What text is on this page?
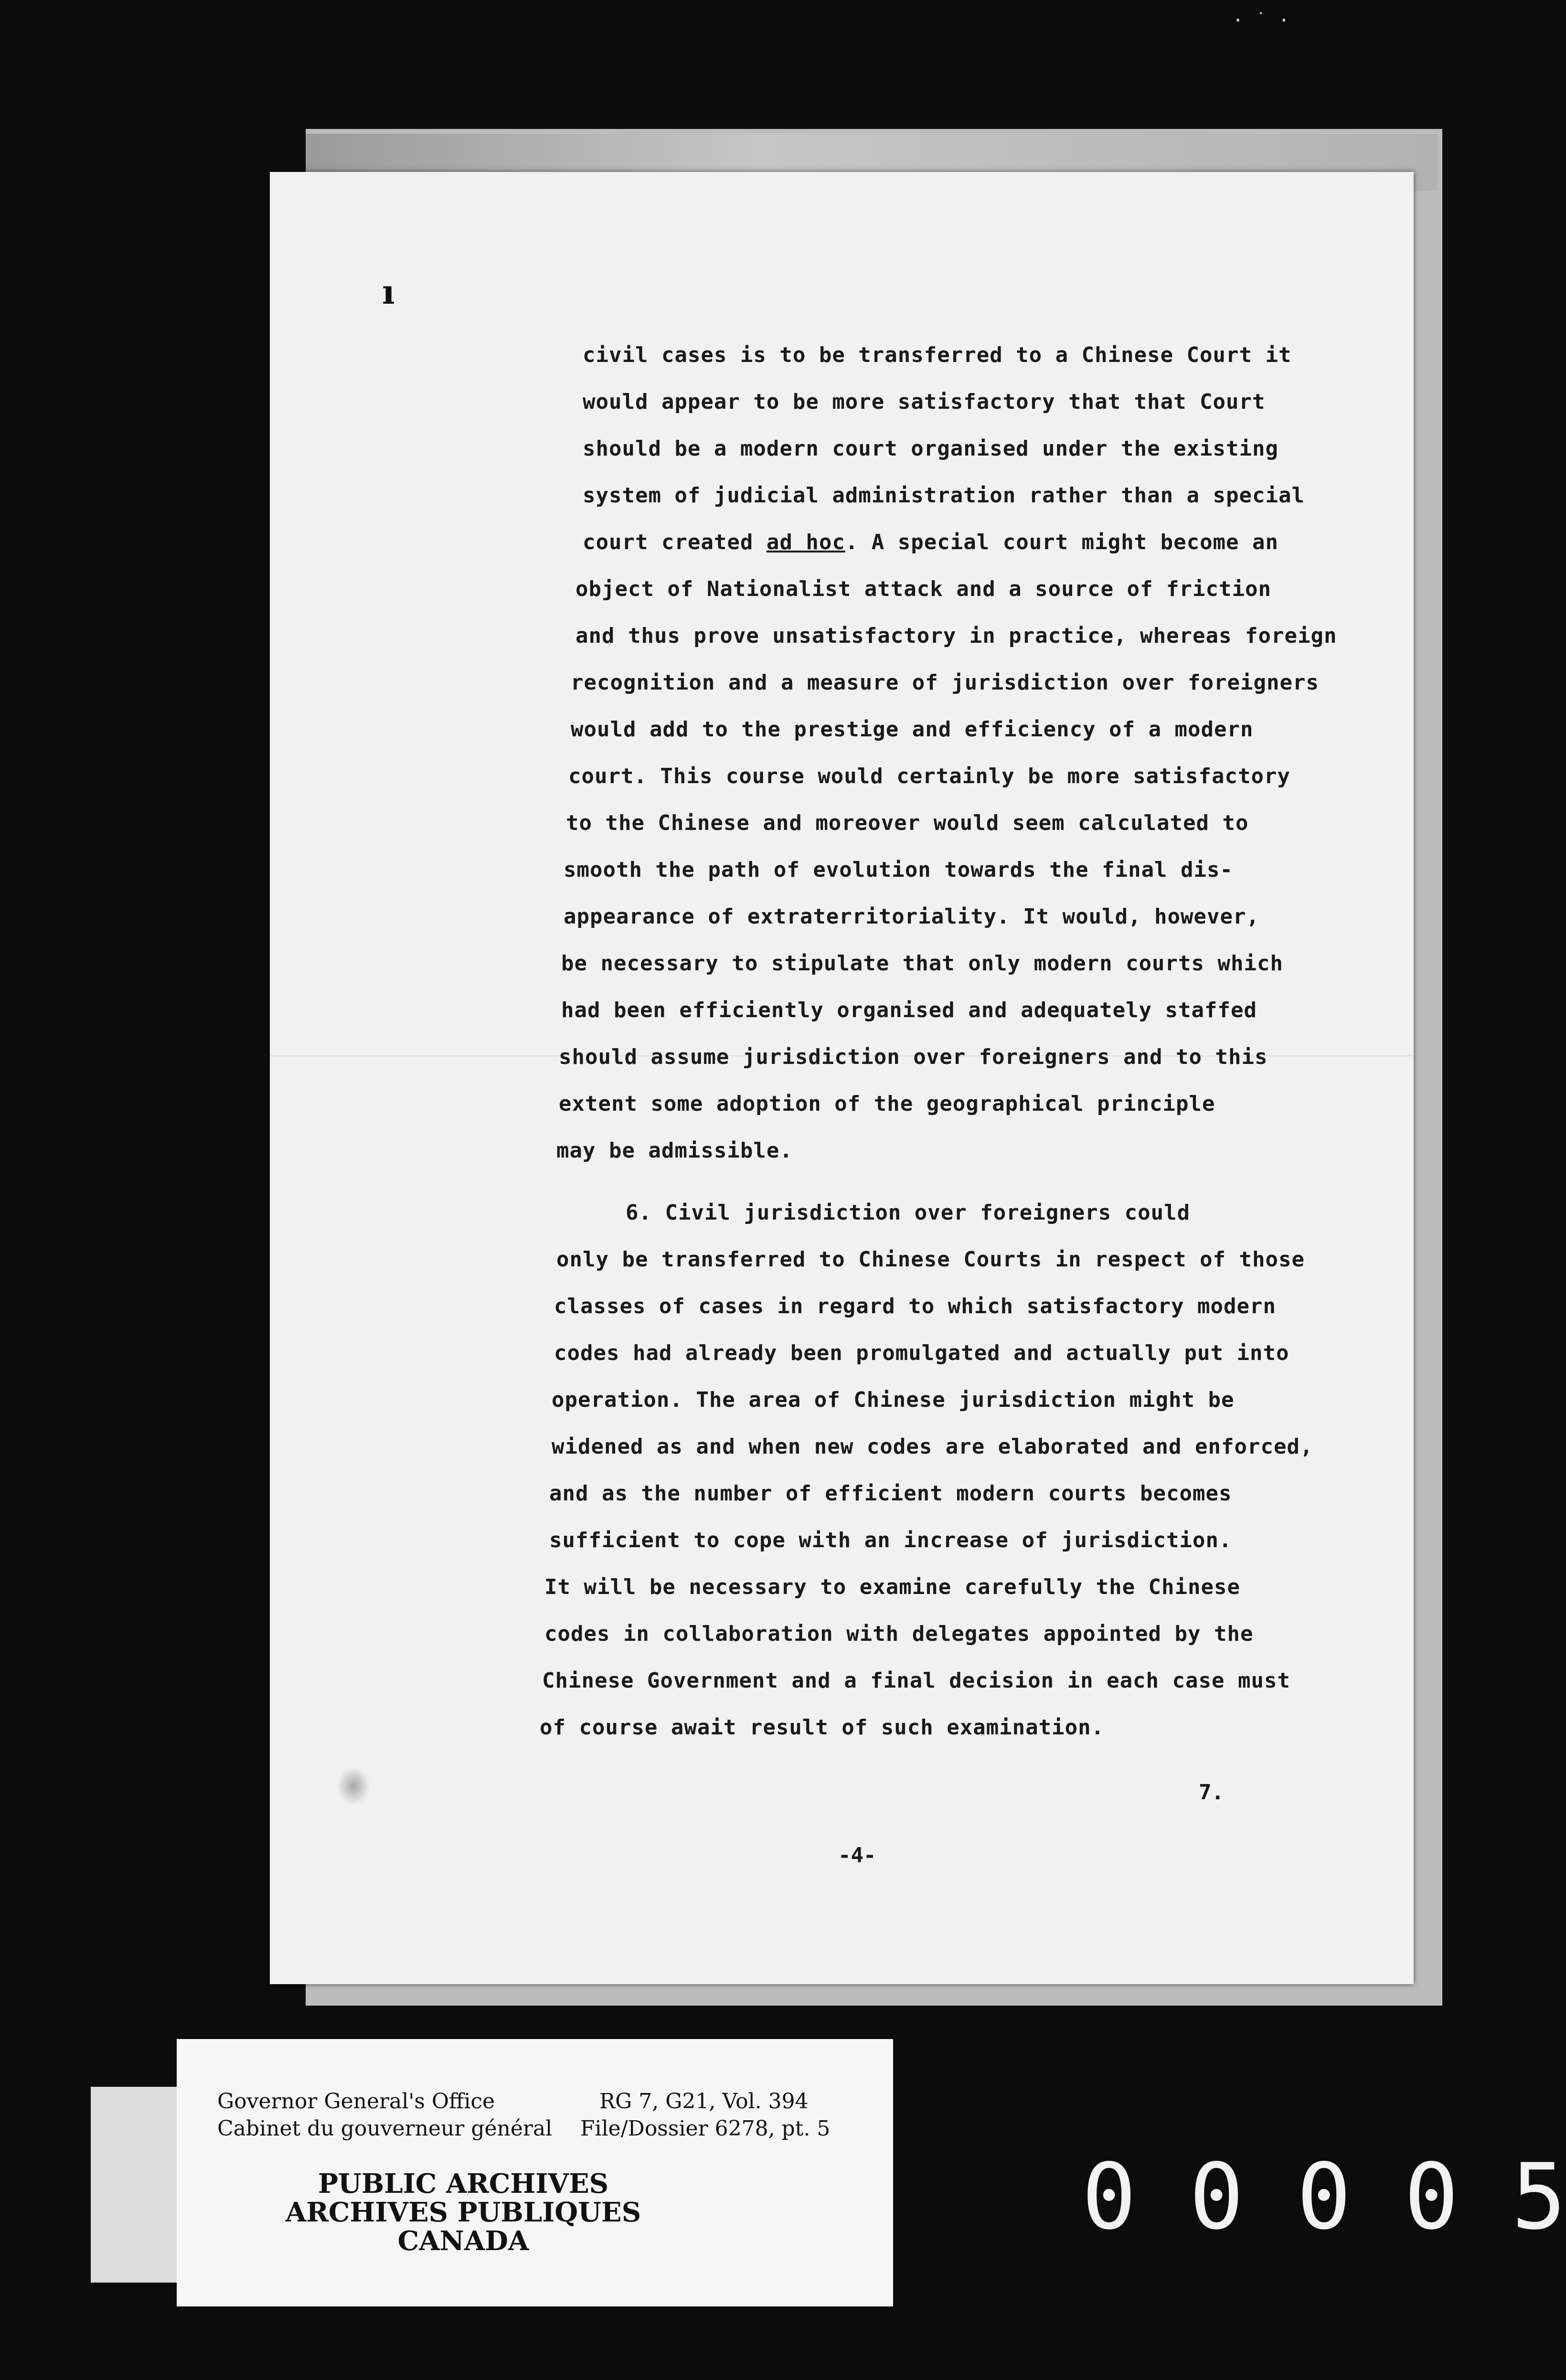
· ˙ ·
ı
civil cases is to be transferred to a Chinese Court it
would appear to be more satisfactory that that Court
should be a modern court organised under the existing
system of judicial administration rather than a special
court created ad hoc. A special court might become an
object of Nationalist attack and a source of friction
and thus prove unsatisfactory in practice, whereas foreign
recognition and a measure of jurisdiction over foreigners
would add to the prestige and efficiency of a modern
court. This course would certainly be more satisfactory
to the Chinese and moreover would seem calculated to
smooth the path of evolution towards the final dis-
appearance of extraterritoriality. It would, however,
be necessary to stipulate that only modern courts which
had been efficiently organised and adequately staffed
should assume jurisdiction over foreigners and to this
extent some adoption of the geographical principle
may be admissible.
6. Civil jurisdiction over foreigners could
only be transferred to Chinese Courts in respect of those
classes of cases in regard to which satisfactory modern
codes had already been promulgated and actually put into
operation. The area of Chinese jurisdiction might be
widened as and when new codes are elaborated and enforced,
and as the number of efficient modern courts becomes
sufficient to cope with an increase of jurisdiction.
It will be necessary to examine carefully the Chinese
codes in collaboration with delegates appointed by the
Chinese Government and a final decision in each case must
of course await result of such examination.
7.
-4-
Governor General's Office
Cabinet du gouverneur général
RG 7, G21, Vol. 394
File/Dossier 6278, pt. 5
PUBLIC ARCHIVES
ARCHIVES PUBLIQUES
CANADA	0 0 0 0 5
